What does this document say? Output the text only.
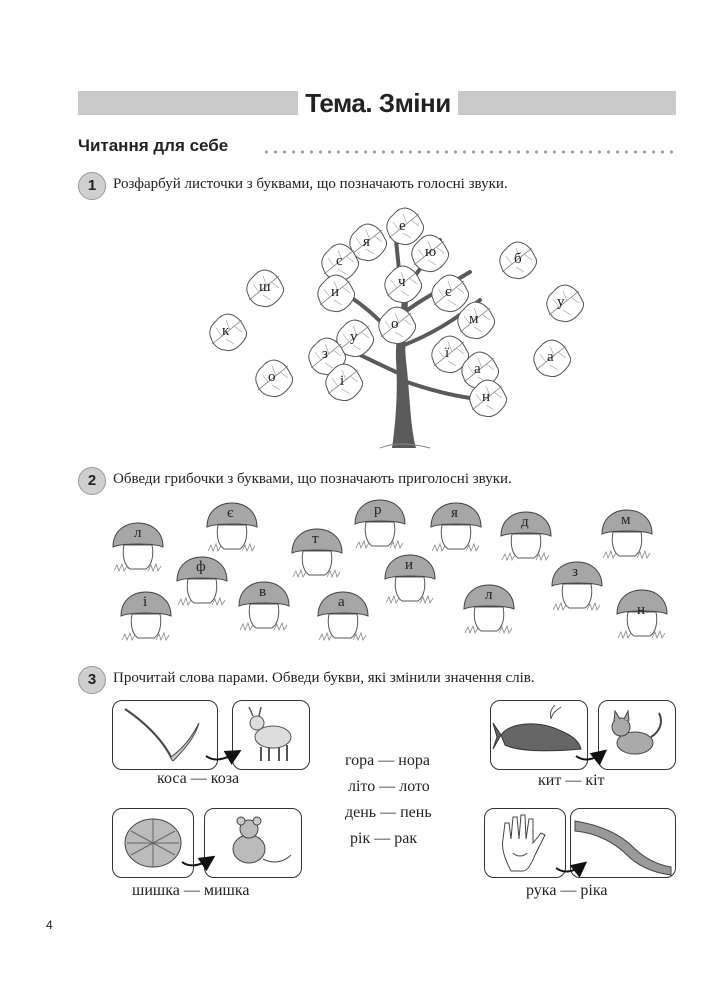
Тема. Зміни
Читання для себе
1	Розфарбуй листочки з буквами, що позначають голосні звуки.
е
я
ю
с
ч
б
ш	и	є
у
м
к	о
у
з	ї	а
а
о	і
н
2	Обведи грибочки з буквами, що позначають приголосні звуки.
є	р	я
д	м
л	т
и
ф	з
в
а	л
і	н
3	Прочитай слова парами. Обведи букви, які змінили значення слів.
коса — коза	кит — кіт
шишка — мишка	рука — ріка
гора — нора
літо — лото
день — пень
рік — рак
4
